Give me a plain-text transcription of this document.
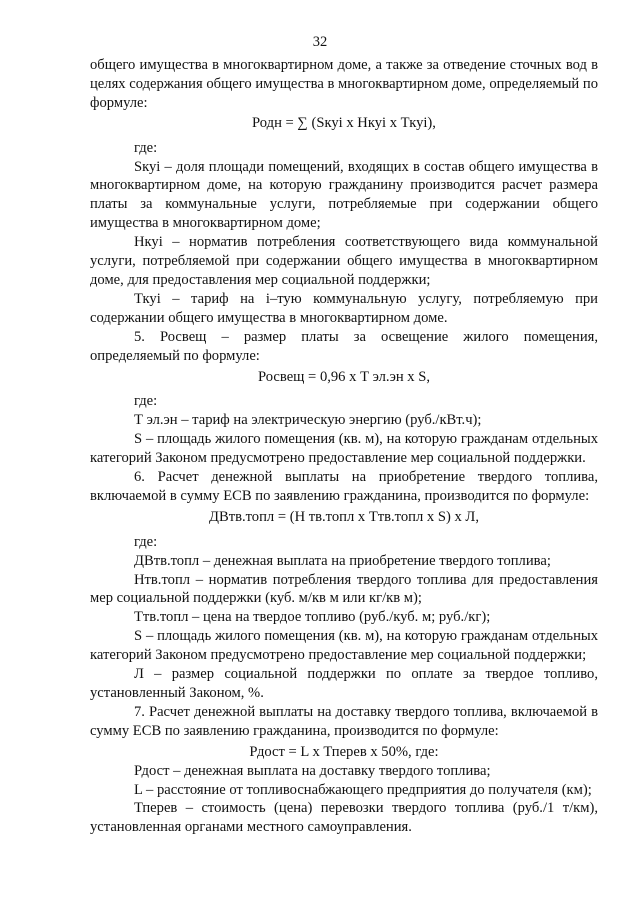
32

общего имущества в многоквартирном доме, а также за отведение сточных вод в целях содержания общего имущества в многоквартирном доме, определяемый по формуле:

Родн = ∑ (Sкуi х Нкуi х Ткуi),

где:

Sкуi – доля площади помещений, входящих в состав общего имущества в многоквартирном доме, на которую гражданину производится расчет размера платы за коммунальные услуги, потребляемые при содержании общего имущества в многоквартирном доме;

Нкуi – норматив потребления соответствующего вида коммунальной услуги, потребляемой при содержании общего имущества в многоквартирном доме, для предоставления мер социальной поддержки;

Ткуi – тариф на i–тую коммунальную услугу, потребляемую при содержании общего имущества в многоквартирном доме.

5. Росвещ – размер платы за освещение жилого помещения, определяемый по формуле:

Росвещ = 0,96 х Т эл.эн х S,

где:

Т эл.эн – тариф на электрическую энергию (руб./кВт.ч);

S – площадь жилого помещения (кв. м), на которую гражданам отдельных категорий Законом предусмотрено предоставление мер социальной поддержки.

6. Расчет денежной выплаты на приобретение твердого топлива, включаемой в сумму ЕСВ по заявлению гражданина, производится по формуле:

ДВтв.топл = (Н тв.топл х Ттв.топл х S) х Л,

где:

ДВтв.топл – денежная выплата на приобретение твердого топлива;

Нтв.топл – норматив потребления твердого топлива для предоставления мер социальной поддержки (куб. м/кв м или кг/кв м);

Ттв.топл – цена на твердое топливо (руб./куб. м; руб./кг);

S – площадь жилого помещения (кв. м), на которую гражданам отдельных категорий Законом предусмотрено предоставление мер социальной поддержки;

Л – размер социальной поддержки по оплате за твердое топливо, установленный Законом, %.

7. Расчет денежной выплаты на доставку твердого топлива, включаемой в сумму ЕСВ по заявлению гражданина, производится по формуле:

Рдост = L х Тперев х 50%, где:

Рдост – денежная выплата на доставку твердого топлива;

L – расстояние от топливоснабжающего предприятия до получателя (км);

Тперев – стоимость (цена) перевозки твердого топлива (руб./1 т/км), установленная органами местного самоуправления.
